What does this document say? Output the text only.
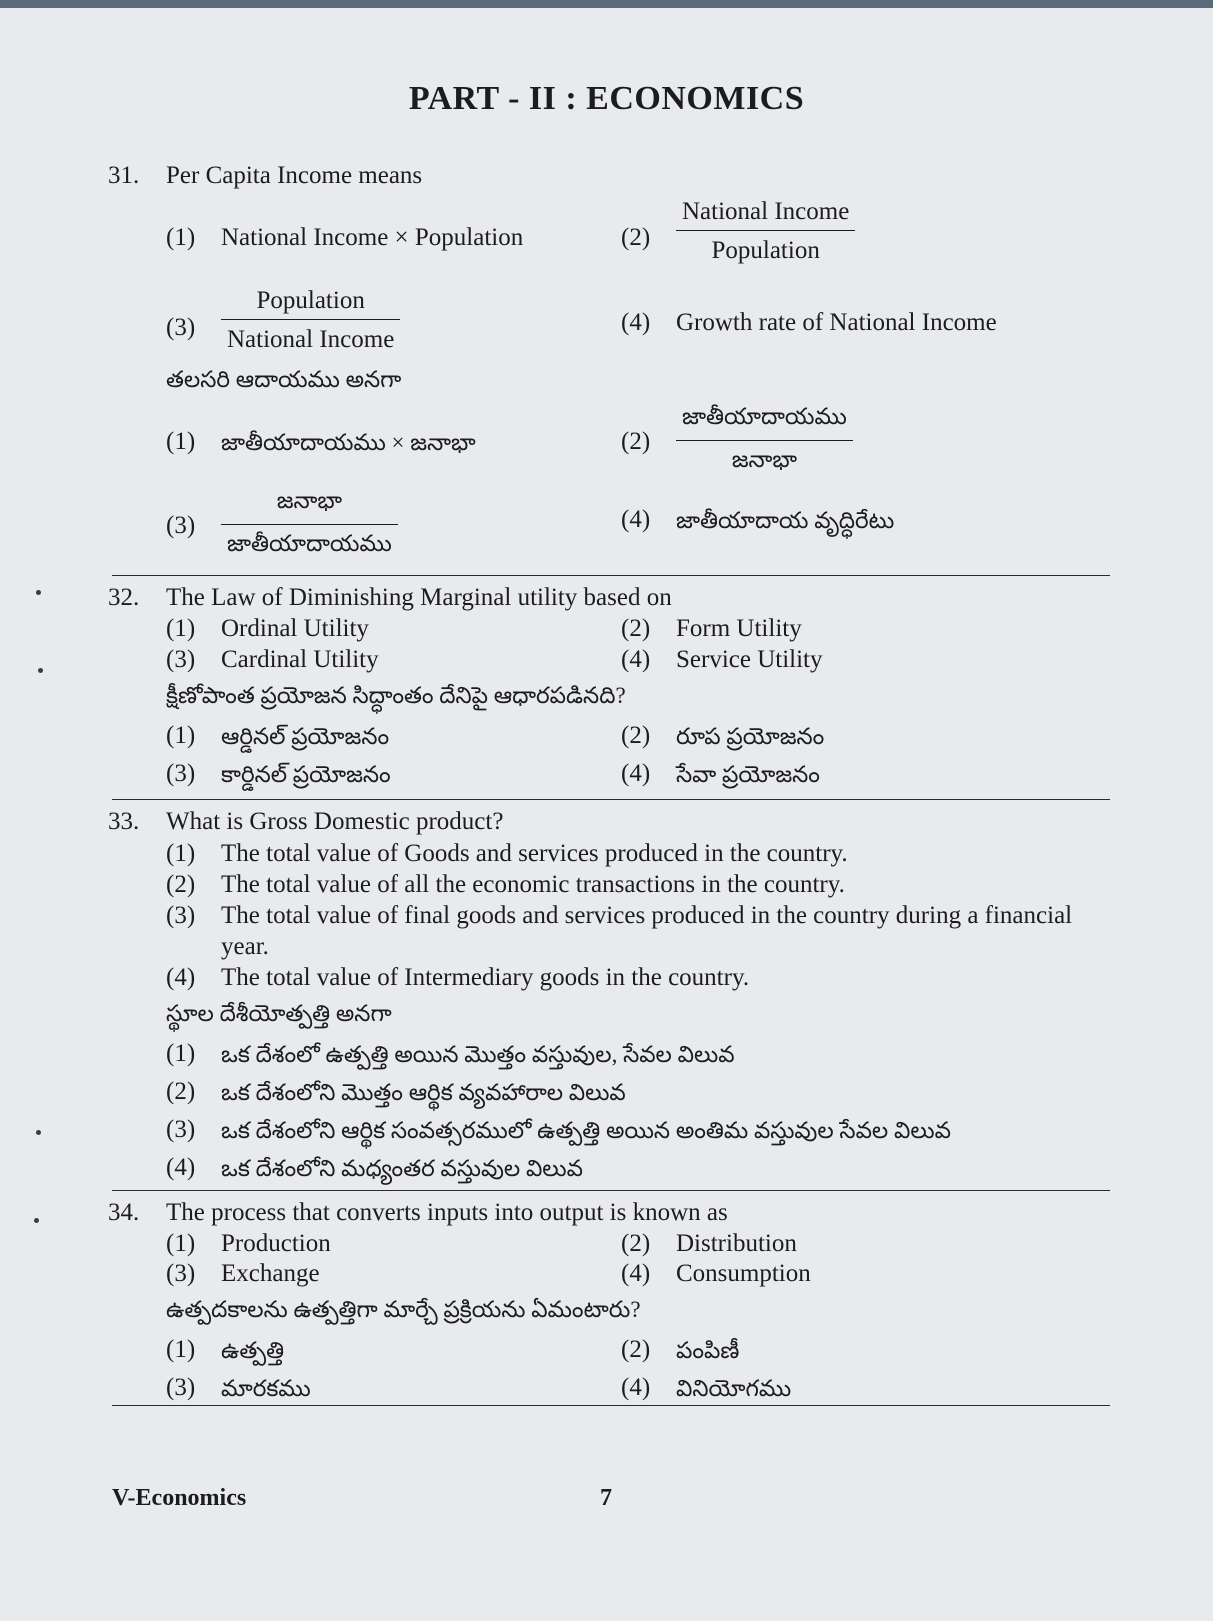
PART - II : ECONOMICS
31. Per Capita Income means
(1) National Income × Population	(2)
National Income
Population
(3)
Population
National Income
(4) Growth rate of National Income
తలసరి ఆదాయము అనగా
(1) జాతీయాదాయము × జనాభా	(2)
జాతీయాదాయము
జనాభా
(3)
జనాభా
జాతీయాదాయము
(4) జాతీయాదాయ వృద్ధిరేటు
32. The Law of Diminishing Marginal utility based on
(1) Ordinal Utility	(2) Form Utility
(3) Cardinal Utility	(4) Service Utility
క్షీణోపాంత ప్రయోజన సిద్ధాంతం దేనిపై ఆధారపడినది?
(1) ఆర్డినల్ ప్రయోజనం	(2) రూప ప్రయోజనం
(3) కార్డినల్ ప్రయోజనం	(4) సేవా ప్రయోజనం
33. What is Gross Domestic product?
(1) The total value of Goods and services produced in the country.
(2) The total value of all the economic transactions in the country.
(3) The total value of final goods and services produced in the country during a financial
year.
(4) The total value of Intermediary goods in the country.
స్థూల దేశీయోత్పత్తి అనగా
(1) ఒక దేశంలో ఉత్పత్తి అయిన మొత్తం వస్తువుల, సేవల విలువ
(2) ఒక దేశంలోని మొత్తం ఆర్థిక వ్యవహారాల విలువ
(3) ఒక దేశంలోని ఆర్థిక సంవత్సరములో ఉత్పత్తి అయిన అంతిమ వస్తువుల సేవల విలువ
(4) ఒక దేశంలోని మధ్యంతర వస్తువుల విలువ
34. The process that converts inputs into output is known as
(1) Production	(2) Distribution
(3) Exchange	(4) Consumption
ఉత్పదకాలను ఉత్పత్తిగా మార్చే ప్రక్రియను ఏమంటారు?
(1) ఉత్పత్తి	(2) పంపిణీ
(3) మారకము	(4) వినియోగము
V-Economics	7
